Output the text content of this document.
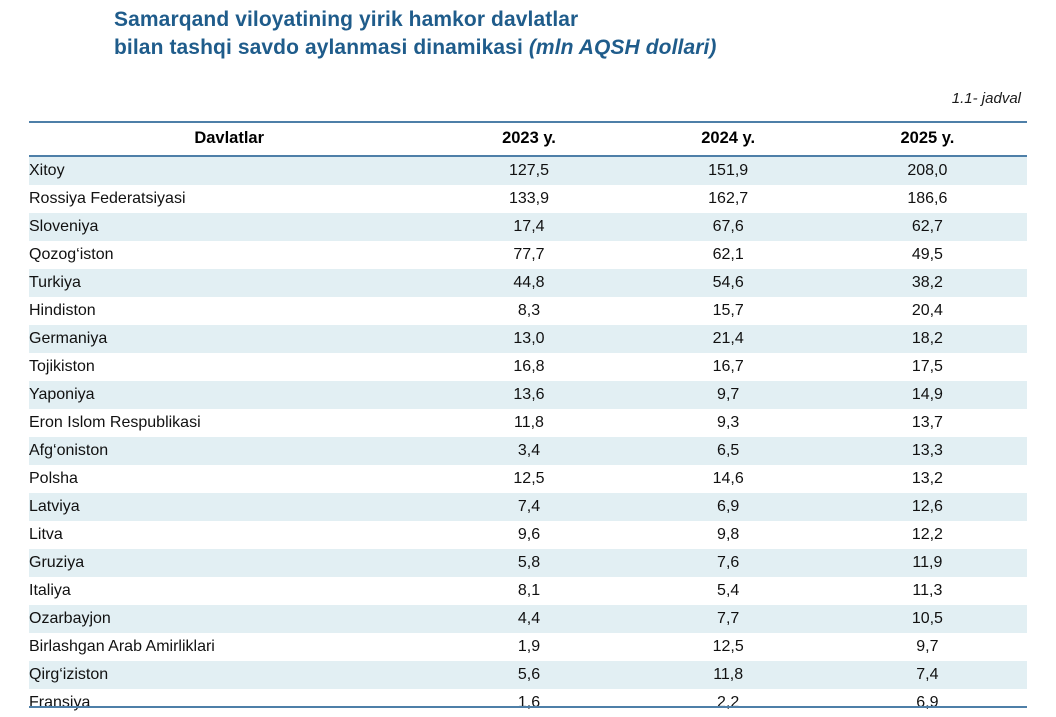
Samarqand viloyatining yirik hamkor davlatlar
bilan tashqi savdo aylanmasi dinamikasi (mln AQSH dollari)
1.1- jadval
Davlatlar	2023 y.	2024 y.	2025 y.
Xitoy	127,5	151,9	208,0
Rossiya Federatsiyasi	133,9	162,7	186,6
Sloveniya	17,4	67,6	62,7
Qozog‘iston	77,7	62,1	49,5
Turkiya	44,8	54,6	38,2
Hindiston	8,3	15,7	20,4
Germaniya	13,0	21,4	18,2
Tojikiston	16,8	16,7	17,5
Yaponiya	13,6	9,7	14,9
Eron Islom Respublikasi	11,8	9,3	13,7
Afg‘oniston	3,4	6,5	13,3
Polsha	12,5	14,6	13,2
Latviya	7,4	6,9	12,6
Litva	9,6	9,8	12,2
Gruziya	5,8	7,6	11,9
Italiya	8,1	5,4	11,3
Ozarbayjon	4,4	7,7	10,5
Birlashgan Arab Amirliklari	1,9	12,5	9,7
Qirg‘iziston	5,6	11,8	7,4
Fransiya	1,6	2,2	6,9
